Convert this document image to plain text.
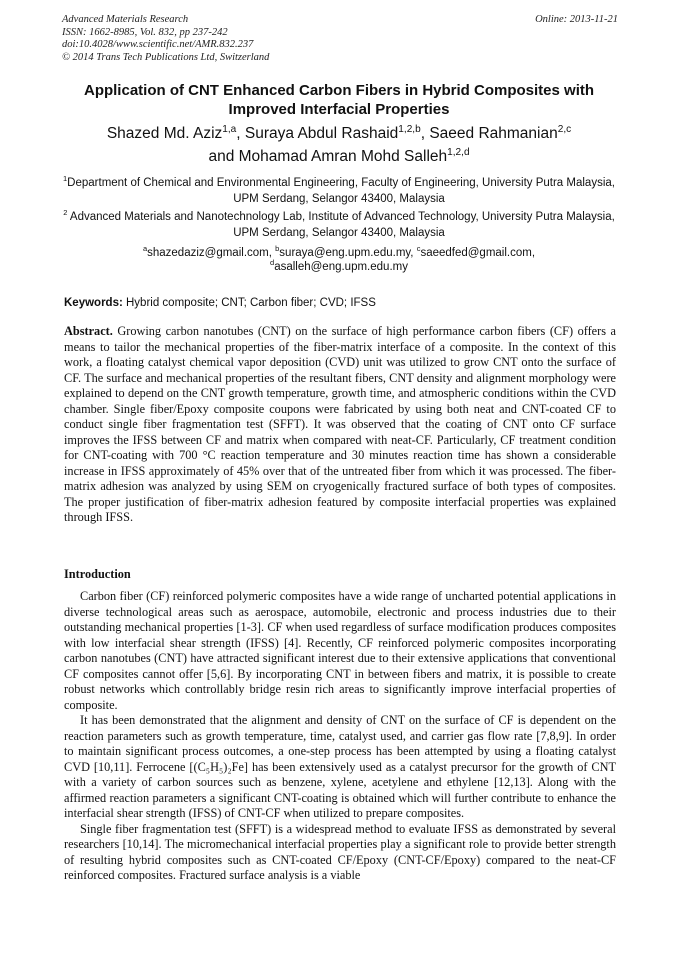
Advanced Materials Research
ISSN: 1662-8985, Vol. 832, pp 237-242
doi:10.4028/www.scientific.net/AMR.832.237
© 2014 Trans Tech Publications Ltd, Switzerland
Online: 2013-11-21
Application of CNT Enhanced Carbon Fibers in Hybrid Composites with Improved Interfacial Properties
Shazed Md. Aziz$^{1,a}$, Suraya Abdul Rashaid$^{1,2,b}$, Saeed Rahmanian$^{2,c}$
and Mohamad Amran Mohd Salleh$^{1,2,d}$
$^1$Department of Chemical and Environmental Engineering, Faculty of Engineering, University Putra Malaysia, UPM Serdang, Selangor 43400, Malaysia
$^2$ Advanced Materials and Nanotechnology Lab, Institute of Advanced Technology, University Putra Malaysia, UPM Serdang, Selangor 43400, Malaysia
$^a$shazedaziz@gmail.com, $^b$suraya@eng.upm.edu.my, $^c$saeedfed@gmail.com,
$^d$asalleh@eng.upm.edu.my
Keywords: Hybrid composite; CNT; Carbon fiber; CVD; IFSS

Abstract. Growing carbon nanotubes (CNT) on the surface of high performance carbon fibers (CF) offers a means to tailor the mechanical properties of the fiber-matrix interface of a composite. In the context of this work, a floating catalyst chemical vapor deposition (CVD) unit was utilized to grow CNT onto the surface of CF. The surface and mechanical properties of the resultant fibers, CNT density and alignment morphology were explained to depend on the CNT growth temperature, growth time, and atmospheric conditions within the CVD chamber. Single fiber/Epoxy composite coupons were fabricated by using both neat and CNT-coated CF to conduct single fiber fragmentation test (SFFT). It was observed that the coating of CNT onto CF surface improves the IFSS between CF and matrix when compared with neat-CF. Particularly, CF treatment condition for CNT-coating with 700 °C reaction temperature and 30 minutes reaction time has shown a considerable increase in IFSS approximately of 45% over that of the untreated fiber from which it was processed. The fiber-matrix adhesion was analyzed by using SEM on cryogenically fractured surface of both types of composites. The proper justification of fiber-matrix adhesion featured by composite interfacial properties was explained through IFSS.

Introduction

Carbon fiber (CF) reinforced polymeric composites have a wide range of uncharted potential applications in diverse technological areas such as aerospace, automobile, electronic and process industries due to their outstanding mechanical properties [1-3]. CF when used regardless of surface modification produces composites with low interfacial shear strength (IFSS) [4]. Recently, CF reinforced polymeric composites incorporating carbon nanotubes (CNT) have attracted significant interest due to their extensive applications that conventional CF composites cannot offer [5,6]. By incorporating CNT in between fibers and matrix, it is possible to create robust networks which controllably bridge resin rich areas to significantly improve interfacial properties of composite.

It has been demonstrated that the alignment and density of CNT on the surface of CF is dependent on the reaction parameters such as growth temperature, time, catalyst used, and carrier gas flow rate [7,8,9]. In order to maintain significant process outcomes, a one-step process has been attempted by using a floating catalyst CVD [10,11]. Ferrocene [(C₅H₅)₂Fe] has been extensively used as a catalyst precursor for the growth of CNT with a variety of carbon sources such as benzene, xylene, acetylene and ethylene [12,13]. Along with the affirmed reaction parameters a significant CNT-coating is obtained which will further contribute to enhance the interfacial shear strength (IFSS) of CNT-CF when utilized to prepare composites.

Single fiber fragmentation test (SFFT) is a widespread method to evaluate IFSS as demonstrated by several researchers [10,14]. The micromechanical interfacial properties play a significant role to provide better strength of resulting hybrid composites such as CNT-coated CF/Epoxy (CNT-CF/Epoxy) compared to the neat-CF reinforced composites. Fractured surface analysis is a viable
